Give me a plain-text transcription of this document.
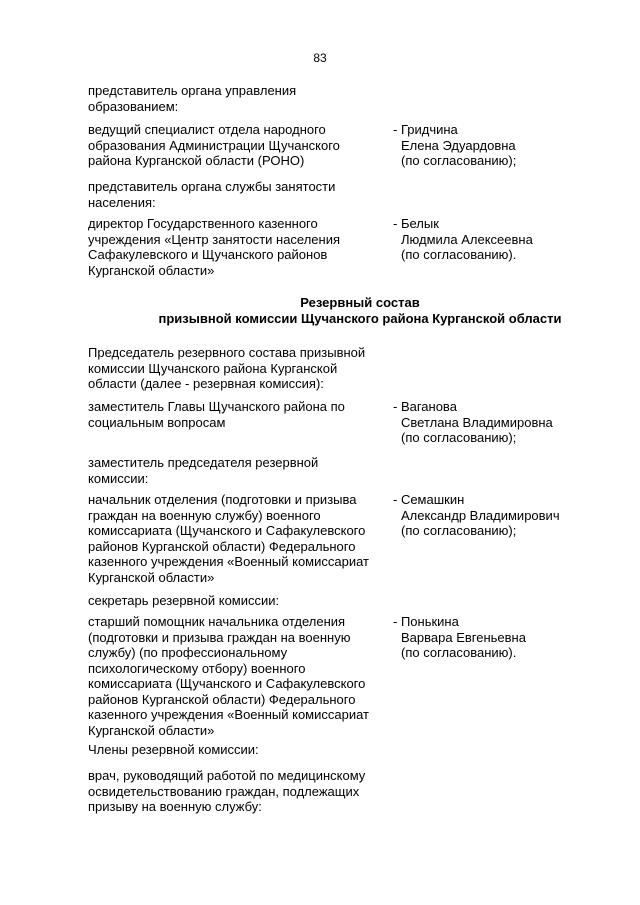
83
представитель органа управления
образованием:
ведущий специалист отдела народного
образования Администрации Щучанского
района Курганской области (РОНО)
- Гридчина
Елена Эдуардовна
(по согласованию);
представитель органа службы занятости
населения:
директор Государственного казенного
учреждения «Центр занятости населения
Сафакулевского и Щучанского районов
Курганской области»
- Белык
Людмила Алексеевна
(по согласованию).
Резервный состав
призывной комиссии Щучанского района Курганской области
Председатель резервного состава призывной
комиссии Щучанского района Курганской
области (далее - резервная комиссия):
заместитель Главы Щучанского района по
социальным вопросам
- Ваганова
Светлана Владимировна
(по согласованию);
заместитель председателя резервной
комиссии:
начальник отделения (подготовки и призыва
граждан на военную службу) военного
комиссариата (Щучанского и Сафакулевского
районов Курганской области) Федерального
казенного учреждения «Военный комиссариат
Курганской области»
- Семашкин
Александр Владимирович
(по согласованию);
секретарь резервной комиссии:
старший помощник начальника отделения
(подготовки и призыва граждан на военную
службу) (по профессиональному
психологическому отбору) военного
комиссариата (Щучанского и Сафакулевского
районов Курганской области) Федерального
казенного учреждения «Военный комиссариат
Курганской области»
- Понькина
Варвара Евгеньевна
(по согласованию).
Члены резервной комиссии:
врач, руководящий работой по медицинскому
освидетельствованию граждан, подлежащих
призыву на военную службу:
